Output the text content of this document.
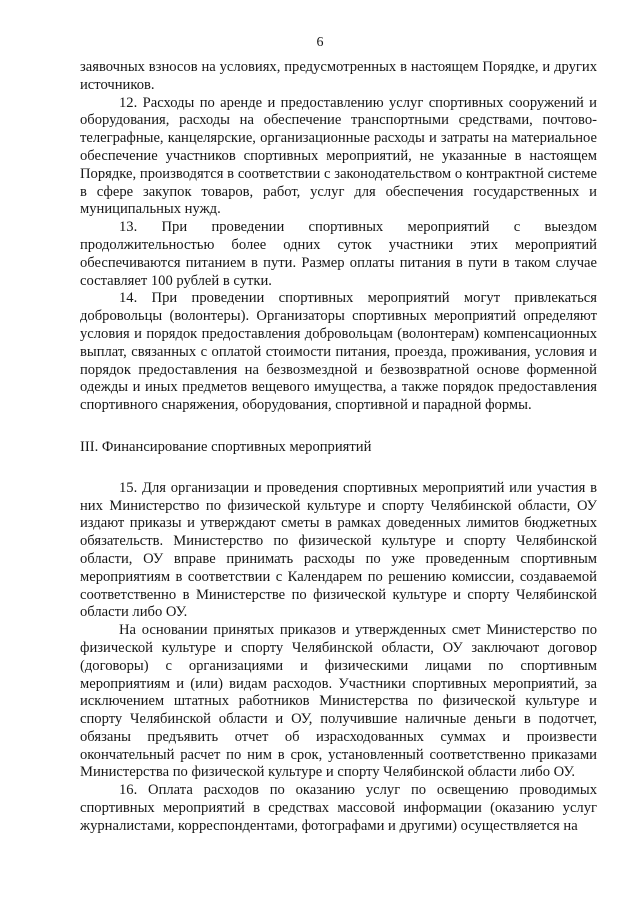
6

заявочных взносов на условиях, предусмотренных в настоящем Порядке, и других источников.

12. Расходы по аренде и предоставлению услуг спортивных сооружений и оборудования, расходы на обеспечение транспортными средствами, почтово-телеграфные, канцелярские, организационные расходы и затраты на материальное обеспечение участников спортивных мероприятий, не указанные в настоящем Порядке, производятся в соответствии с законодательством о контрактной системе в сфере закупок товаров, работ, услуг для обеспечения государственных и муниципальных нужд.

13. При проведении спортивных мероприятий с выездом продолжительностью более одних суток участники этих мероприятий обеспечиваются питанием в пути. Размер оплаты питания в пути в таком случае составляет 100 рублей в сутки.

14. При проведении спортивных мероприятий могут привлекаться добровольцы (волонтеры). Организаторы спортивных мероприятий определяют условия и порядок предоставления добровольцам (волонтерам) компенсационных выплат, связанных с оплатой стоимости питания, проезда, проживания, условия и порядок предоставления на безвозмездной и безвозвратной основе форменной одежды и иных предметов вещевого имущества, а также порядок предоставления спортивного снаряжения, оборудования, спортивной и парадной формы.

III. Финансирование спортивных мероприятий

15. Для организации и проведения спортивных мероприятий или участия в них Министерство по физической культуре и спорту Челябинской области, ОУ издают приказы и утверждают сметы в рамках доведенных лимитов бюджетных обязательств. Министерство по физической культуре и спорту Челябинской области, ОУ вправе принимать расходы по уже проведенным спортивным мероприятиям в соответствии с Календарем по решению комиссии, создаваемой соответственно в Министерстве по физической культуре и спорту Челябинской области либо ОУ.

На основании принятых приказов и утвержденных смет Министерство по физической культуре и спорту Челябинской области, ОУ заключают договор (договоры) с организациями и физическими лицами по спортивным мероприятиям и (или) видам расходов. Участники спортивных мероприятий, за исключением штатных работников Министерства по физической культуре и спорту Челябинской области и ОУ, получившие наличные деньги в подотчет, обязаны предъявить отчет об израсходованных суммах и произвести окончательный расчет по ним в срок, установленный соответственно приказами Министерства по физической культуре и спорту Челябинской области либо ОУ.

16. Оплата расходов по оказанию услуг по освещению проводимых спортивных мероприятий в средствах массовой информации (оказанию услуг журналистами, корреспондентами, фотографами и другими) осуществляется на
